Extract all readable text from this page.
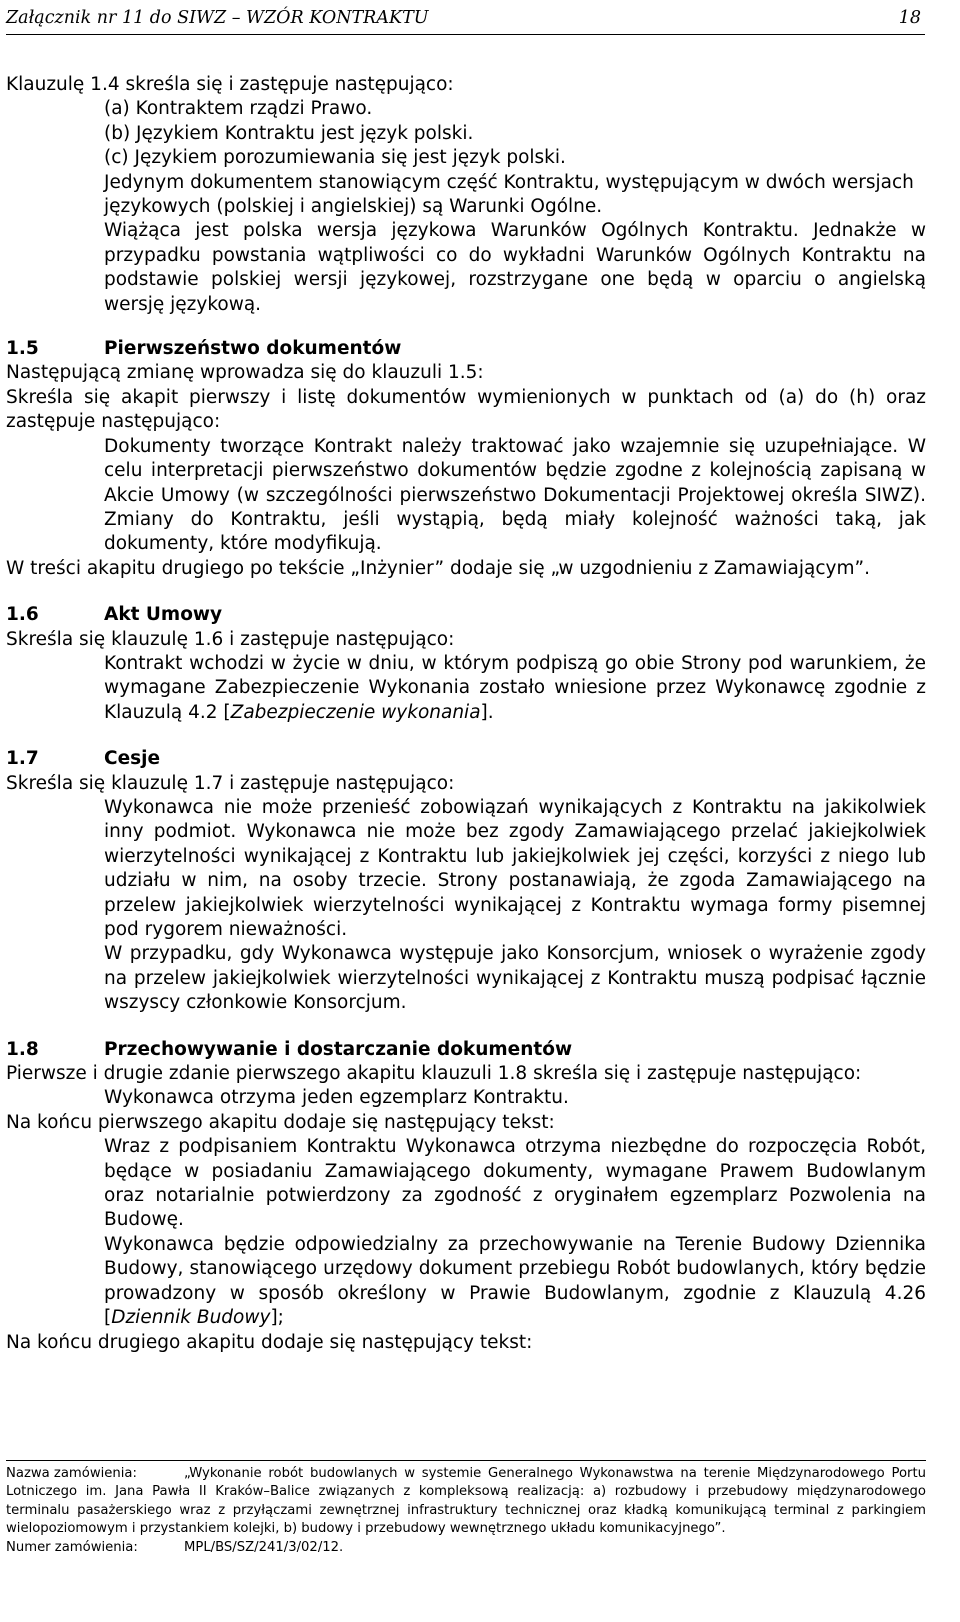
Załącznik nr 11 do SIWZ – WZÓR KONTRAKTU	18

Klauzulę 1.4 skreśla się i zastępuje następująco:

(a) Kontraktem rządzi Prawo.

(b) Językiem Kontraktu jest język polski.

(c) Językiem porozumiewania się jest język polski.

Jedynym dokumentem stanowiącym część Kontraktu, występującym w dwóch wersjach językowych (polskiej i angielskiej) są Warunki Ogólne.

Wiążąca jest polska wersja językowa Warunków Ogólnych Kontraktu. Jednakże w przypadku powstania wątpliwości co do wykładni Warunków Ogólnych Kontraktu na podstawie polskiej wersji językowej, rozstrzygane one będą w oparciu o angielską wersję językową.

1.5	Pierwszeństwo dokumentów

Następującą zmianę wprowadza się do klauzuli 1.5:

Skreśla się akapit pierwszy i listę dokumentów wymienionych w punktach od (a) do (h) oraz zastępuje następująco:

Dokumenty tworzące Kontrakt należy traktować jako wzajemnie się uzupełniające. W celu interpretacji pierwszeństwo dokumentów będzie zgodne z kolejnością zapisaną w Akcie Umowy (w szczególności pierwszeństwo Dokumentacji Projektowej określa SIWZ). Zmiany do Kontraktu, jeśli wystąpią, będą miały kolejność ważności taką, jak dokumenty, które modyfikują.

W treści akapitu drugiego po tekście „Inżynier” dodaje się „w uzgodnieniu z Zamawiającym”.

1.6	Akt Umowy

Skreśla się klauzulę 1.6 i zastępuje następująco:

Kontrakt wchodzi w życie w dniu, w którym podpiszą go obie Strony pod warunkiem, że wymagane Zabezpieczenie Wykonania zostało wniesione przez Wykonawcę zgodnie z Klauzulą 4.2 [Zabezpieczenie wykonania].

1.7	Cesje

Skreśla się klauzulę 1.7 i zastępuje następująco:

Wykonawca nie może przenieść zobowiązań wynikających z Kontraktu na jakikolwiek inny podmiot. Wykonawca nie może bez zgody Zamawiającego przelać jakiejkolwiek wierzytelności wynikającej z Kontraktu lub jakiejkolwiek jej części, korzyści z niego lub udziału w nim, na osoby trzecie. Strony postanawiają, że zgoda Zamawiającego na przelew jakiejkolwiek wierzytelności wynikającej z Kontraktu wymaga formy pisemnej pod rygorem nieważności.

W przypadku, gdy Wykonawca występuje jako Konsorcjum, wniosek o wyrażenie zgody na przelew jakiejkolwiek wierzytelności wynikającej z Kontraktu muszą podpisać łącznie wszyscy członkowie Konsorcjum.

1.8	Przechowywanie i dostarczanie dokumentów

Pierwsze i drugie zdanie pierwszego akapitu klauzuli 1.8 skreśla się i zastępuje następująco:

Wykonawca otrzyma jeden egzemplarz Kontraktu.

Na końcu pierwszego akapitu dodaje się następujący tekst:

Wraz z podpisaniem Kontraktu Wykonawca otrzyma niezbędne do rozpoczęcia Robót, będące w posiadaniu Zamawiającego dokumenty, wymagane Prawem Budowlanym oraz notarialnie potwierdzony za zgodność z oryginałem egzemplarz Pozwolenia na Budowę.

Wykonawca będzie odpowiedzialny za przechowywanie na Terenie Budowy Dziennika Budowy, stanowiącego urzędowy dokument przebiegu Robót budowlanych, który będzie prowadzony w sposób określony w Prawie Budowlanym, zgodnie z Klauzulą 4.26 [Dziennik Budowy];

Na końcu drugiego akapitu dodaje się następujący tekst:

Nazwa zamówienia:	„Wykonanie robót budowlanych w systemie Generalnego Wykonawstwa na terenie Międzynarodowego Portu Lotniczego im. Jana Pawła II Kraków–Balice związanych z kompleksową realizacją: a) rozbudowy i przebudowy międzynarodowego terminalu pasażerskiego wraz z przyłączami zewnętrznej infrastruktury technicznej oraz kładką komunikującą terminal z parkingiem wielopoziomowym i przystankiem kolejki, b) budowy i przebudowy wewnętrznego układu komunikacyjnego”.
Numer zamówienia:	MPL/BS/SZ/241/3/02/12.
